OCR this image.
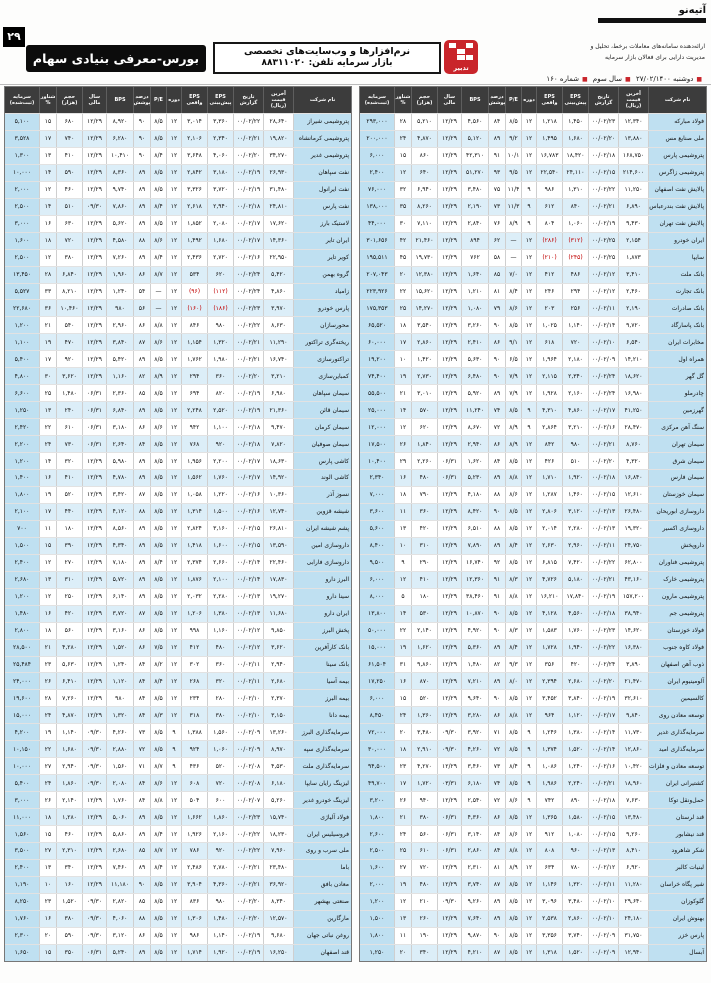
۲۹
آتیه‌نو
بورس-معرفی بنیادی سهام	نرم‌افزارها و وب‌سایت‌های تخصصی
بازار سرمایه تلفن: ۸۸۳۱۱۰۲۰	تدبیر
ارائه‌دهنده سامانه‌های معاملات برخط، تحلیل و
مدیریت دارایی برای فعالان بازار سرمایه
■دوشنبه ۲۷/۰۲/۱۴۰۰ ■سال سوم ■شماره ۱۶۰
نام شرکت
آخرین قیمت (ریال)
تاریخ گزارش
EPS پیش‌بینی
EPS واقعی
دوره
P/E
درصد پوشش
BPS
سال مالی
حجم (هزار)
شناور %
سرمایه (ثبت‌شده)
فولاد مبارکه
۱۲,۳۴۰
۰۰/۰۲/۲۳
۱,۴۵۰
۱,۲۱۸
۱۲
۸/۵
۸۴
۴,۵۶۰
۱۲/۲۹
۵,۲۱۰
۲۸
۲۹۳,۰۰۰
ملی صنایع مس
۱۳,۸۸۰
۰۰/۰۲/۲۰
۱,۶۸۰
۱,۴۹۵
۱۲
۹/۲
۸۹
۵,۱۲۰
۱۲/۲۹
۴,۸۷۰
۲۴
۲۰۰,۰۰۰
پتروشیمی پارس
۱۶۸,۷۵۰
۰۰/۰۲/۱۸
۱۸,۴۲۰
۱۶,۷۸۳
۱۲
۱۰/۱
۹۱
۴۲,۳۱۰
۱۲/۲۹
۸۶۰
۱۵
۶,۰۰۰
پتروشیمی زاگرس
۲۱۴,۶۰۰
۰۰/۰۲/۱۵
۲۴,۱۱۰
۲۲,۵۴۰
۱۲
۹/۵
۹۳
۵۱,۲۷۰
۱۲/۲۹
۶۴۰
۱۲
۲,۴۰۰
پالایش نفت اصفهان
۱۱,۲۵۰
۰۰/۰۲/۲۲
۱,۳۱۰
۹۸۶
۹
۱۱/۴
۷۵
۳,۴۸۰
۱۲/۲۹
۶,۹۴۰
۳۲
۷۶,۰۰۰
پالایش نفت بندرعباس
۶,۸۹۰
۰۰/۰۲/۲۱
۸۴۰
۶۱۲
۹
۱۱/۳
۷۳
۲,۱۹۰
۱۲/۲۹
۸,۲۶۰
۳۵
۱۳۸,۰۰۰
پالایش نفت تهران
۹,۴۳۰
۰۰/۰۲/۱۹
۱,۰۶۰
۸۰۴
۹
۸/۹
۷۶
۲,۸۴۰
۱۲/۲۹
۷,۱۱۰
۳۰
۴۴,۰۰۰
ایران خودرو
۲,۱۵۴
۰۰/۰۲/۲۵
(۳۱۲)
(۲۸۶)
۱۲
—
۶۲
۸۹۴
۱۲/۲۹
۲۱,۴۶۰
۴۲
۳۰۱,۶۵۶
سایپا
۱,۸۷۳
۰۰/۰۲/۲۵
(۲۴۵)
(۲۱۰)
۱۲
—
۵۸
۷۶۲
۱۲/۲۹
۱۹,۷۳۰
۴۵
۱۹۵,۵۱۱
بانک ملت
۳,۴۱۰
۰۰/۰۲/۱۲
۴۸۶
۴۱۲
۱۲
۷/۰
۸۵
۱,۶۴۰
۱۲/۲۹
۱۲,۳۸۰
۲۰
۲۰۷,۰۴۳
بانک تجارت
۲,۴۶۰
۰۰/۰۲/۱۲
۲۹۴
۲۴۶
۱۲
۸/۴
۸۱
۱,۲۱۰
۱۲/۲۹
۱۵,۶۲۰
۲۲
۲۲۳,۹۲۶
بانک صادرات
۲,۱۹۰
۰۰/۰۲/۱۱
۲۵۶
۲۰۳
۱۲
۸/۶
۷۹
۱,۰۸۰
۱۲/۲۹
۱۴,۲۷۰
۲۵
۱۷۵,۳۵۳
بانک پاسارگاد
۹,۷۲۰
۰۰/۰۲/۱۴
۱,۱۴۰
۱,۰۲۵
۱۲
۸/۵
۹۰
۳,۲۶۰
۱۲/۲۹
۳,۵۴۰
۱۸
۶۵,۵۲۰
مخابرات ایران
۶,۵۴۰
۰۰/۰۲/۱۰
۷۲۰
۶۱۸
۱۲
۹/۱
۸۶
۲,۴۱۰
۱۲/۲۹
۲,۸۶۰
۱۷
۶۰,۰۰۰
همراه اول
۱۴,۲۱۰
۰۰/۰۲/۰۹
۲,۱۸۰
۱,۹۶۴
۱۲
۶/۵
۹۰
۵,۶۳۰
۱۲/۲۹
۱,۴۲۰
۱۰
۱۹,۲۰۰
گل گهر
۱۸,۶۲۰
۰۰/۰۲/۲۴
۲,۳۴۰
۲,۱۱۵
۱۲
۷/۹
۹۰
۶,۴۸۰
۱۲/۲۹
۲,۷۳۰
۱۹
۷۴,۴۰۰
چادرملو
۱۶,۹۸۰
۰۰/۰۲/۲۴
۲,۱۶۰
۱,۹۲۸
۱۲
۷/۹
۸۹
۵,۹۲۰
۱۲/۲۹
۳,۰۱۰
۲۱
۵۵,۵۰۰
گهرزمین
۴۱,۲۵۰
۰۰/۰۲/۱۷
۴,۸۶۰
۴,۳۱۰
۹
۸/۵
۷۴
۱۱,۲۴۰
۱۲/۲۹
۵۷۰
۱۴
۲۵,۰۰۰
سنگ آهن مرکزی
۲۸,۴۷۰
۰۰/۰۲/۱۶
۳,۲۱۰
۲,۸۶۴
۹
۸/۹
۷۲
۸,۶۷۰
۱۲/۲۹
۶۲۰
۱۲
۱۲,۰۰۰
سیمان تهران
۸,۷۶۰
۰۰/۰۲/۲۱
۹۸۰
۸۴۲
۱۲
۸/۹
۸۶
۲,۹۴۰
۱۲/۲۹
۱,۸۴۰
۲۶
۱۷,۵۰۰
سیمان شرق
۴,۳۲۰
۰۰/۰۲/۲۰
۵۱۰
۴۲۶
۱۲
۸/۵
۸۴
۱,۶۲۰
۰۶/۳۱
۲,۲۶۰
۲۹
۱۰,۴۰۰
سیمان فارس
۱۶,۸۴۰
۰۰/۰۲/۱۸
۱,۹۲۰
۱,۷۱۰
۱۲
۸/۸
۸۹
۵,۲۳۰
۰۶/۳۱
۴۸۰
۱۶
۲,۳۴۰
سیمان خوزستان
۱۲,۶۱۰
۰۰/۰۲/۱۵
۱,۴۶۰
۱,۲۸۷
۱۲
۸/۶
۸۸
۴,۱۸۰
۱۲/۲۹
۷۹۰
۱۸
۷,۰۰۰
داروسازی ابوریحان
۲۶,۴۸۰
۰۰/۰۲/۱۳
۳,۱۲۰
۲,۸۰۶
۱۲
۸/۵
۹۰
۸,۴۲۰
۱۲/۲۹
۳۶۰
۱۱
۳,۶۰۰
داروسازی اکسیر
۱۹,۳۲۰
۰۰/۰۲/۱۳
۲,۲۸۰
۲,۰۱۴
۱۲
۸/۵
۸۸
۶,۵۱۰
۱۲/۲۹
۴۲۰
۱۳
۵,۶۰۰
داروپخش
۲۴,۷۵۰
۰۰/۰۲/۱۱
۲,۹۶۰
۲,۶۳۰
۱۲
۸/۴
۸۹
۷,۸۹۰
۱۲/۲۹
۳۱۰
۱۰
۸,۴۰۰
پتروشیمی فناوران
۶۲,۸۰۰
۰۰/۰۲/۲۲
۷,۴۲۰
۶,۸۱۵
۱۲
۸/۵
۹۲
۱۶,۷۴۰
۱۲/۲۹
۲۹۰
۹
۹,۵۰۰
پتروشیمی خارک
۴۳,۱۶۰
۰۰/۰۲/۲۱
۵,۱۸۰
۴,۷۲۶
۱۲
۸/۳
۹۱
۱۲,۳۶۰
۱۲/۲۹
۴۱۰
۱۲
۶,۰۰۰
پتروشیمی مارون
۱۵۷,۲۰۰
۰۰/۰۲/۱۹
۱۷,۸۴۰
۱۶,۲۱۰
۱۲
۸/۸
۹۱
۳۸,۴۶۰
۱۲/۲۹
۱۸۰
۵
۸,۰۰۰
پتروشیمی جم
۳۸,۹۴۰
۰۰/۰۲/۱۸
۴,۵۶۰
۴,۱۲۸
۱۲
۸/۵
۹۰
۱۰,۸۷۰
۱۲/۲۹
۵۳۰
۱۴
۱۳,۸۰۰
فولاد خوزستان
۱۴,۶۲۰
۰۰/۰۲/۲۳
۱,۷۶۰
۱,۵۸۳
۱۲
۸/۳
۹۰
۴,۹۲۰
۱۲/۲۹
۲,۱۴۰
۲۲
۵۰,۰۰۰
فولاد کاوه جنوب
۱۶,۳۸۰
۰۰/۰۲/۲۲
۱,۹۴۰
۱,۷۲۸
۱۲
۸/۴
۸۹
۵,۳۶۰
۱۲/۲۹
۱,۶۲۰
۱۹
۱۵,۰۰۰
ذوب آهن اصفهان
۳,۸۹۰
۰۰/۰۲/۲۴
۴۲۰
۳۵۶
۱۲
۹/۳
۸۲
۱,۴۸۰
۱۲/۲۹
۹,۸۶۰
۳۱
۶۱,۵۰۴
آلومینیوم ایران
۲۱,۴۷۰
۰۰/۰۲/۲۰
۲,۶۸۰
۲,۳۹۴
۱۲
۸/۰
۸۹
۷,۲۱۰
۱۲/۲۹
۸۷۰
۱۶
۱۷,۲۵۰
کالسیمین
۳۲,۶۱۰
۰۰/۰۲/۱۹
۳,۸۴۰
۳,۴۵۲
۱۲
۸/۵
۹۰
۹,۶۴۰
۱۲/۲۹
۵۲۰
۱۵
۶,۰۰۰
توسعه معادن روی
۹,۸۴۰
۰۰/۰۲/۱۷
۱,۱۲۰
۹۶۴
۱۲
۸/۸
۸۶
۳,۲۸۰
۱۲/۲۹
۱,۳۶۰
۲۴
۸,۴۵۰
سرمایه‌گذاری غدیر
۱۱,۷۳۰
۰۰/۰۲/۱۴
۱,۳۸۰
۱,۲۴۶
۹
۸/۵
۷۱
۳,۹۲۰
۰۹/۳۰
۳,۴۸۰
۲۰
۷۲,۰۰۰
سرمایه‌گذاری امید
۱۲,۸۶۰
۰۰/۰۲/۱۴
۱,۵۲۰
۱,۳۷۴
۹
۸/۵
۷۲
۴,۲۶۰
۰۹/۳۰
۲,۹۱۰
۱۸
۳۰,۰۰۰
توسعه معادن و فلزات
۱۰,۴۲۰
۰۰/۰۲/۱۶
۱,۲۴۰
۱,۰۸۶
۹
۸/۴
۷۳
۳,۴۶۰
۱۲/۲۹
۴,۲۷۰
۲۳
۹۴,۵۰۰
کشتیرانی ایران
۱۸,۹۶۰
۰۰/۰۲/۲۱
۲,۲۴۰
۱,۹۸۶
۹
۸/۵
۷۴
۶,۱۸۰
۰۳/۳۱
۱,۷۲۰
۱۷
۴۹,۷۰۰
حمل‌ونقل توکا
۷,۶۳۰
۰۰/۰۲/۱۸
۸۹۰
۷۴۲
۹
۸/۶
۷۲
۲,۵۴۰
۱۲/۲۹
۹۴۰
۲۶
۳,۲۰۰
قند لرستان
۱۳,۴۸۰
۰۰/۰۲/۱۵
۱,۵۸۰
۱,۳۶۵
۱۲
۸/۵
۸۶
۴,۳۶۰
۰۶/۳۱
۳۸۰
۲۱
۱,۸۰۰
قند نیشابور
۹,۲۶۰
۰۰/۰۲/۱۵
۱,۰۸۰
۹۱۲
۱۲
۸/۶
۸۴
۳,۱۴۰
۰۶/۳۱
۵۶۰
۲۴
۲,۶۰۰
شکر شاهرود
۸,۴۱۰
۰۰/۰۲/۱۳
۹۶۰
۸۰۸
۱۲
۸/۸
۸۴
۲,۸۶۰
۰۶/۳۱
۶۱۰
۲۵
۲,۵۰۰
لبنیات کالبر
۶,۹۲۰
۰۰/۰۲/۱۲
۷۸۰
۶۳۴
۱۲
۸/۹
۸۱
۲,۳۱۰
۱۲/۲۹
۷۲۰
۲۷
۱,۶۰۰
شیر پگاه خراسان
۱۱,۲۸۰
۰۰/۰۲/۱۱
۱,۳۲۰
۱,۱۴۶
۱۲
۸/۵
۸۷
۳,۷۴۰
۱۲/۲۹
۴۸۰
۱۹
۲,۰۰۰
گلوکوزان
۲۹,۶۴۰
۰۰/۰۲/۱۰
۳,۴۸۰
۳,۰۹۶
۱۲
۸/۵
۸۹
۹,۲۶۰
۰۹/۳۰
۲۱۰
۱۲
۱,۲۰۰
بهنوش ایران
۲۴,۱۸۰
۰۰/۰۲/۱۰
۲,۸۶۰
۲,۵۳۸
۱۲
۸/۵
۸۹
۷,۶۴۰
۱۲/۲۹
۲۶۰
۱۳
۱,۵۰۰
پارس خزر
۳۱,۷۵۰
۰۰/۰۲/۰۹
۳,۷۴۰
۳,۳۵۶
۱۲
۸/۵
۹۰
۹,۸۷۰
۱۲/۲۹
۱۹۰
۱۱
۱,۸۰۰
آبسال
۱۲,۹۴۰
۰۰/۰۲/۰۹
۱,۵۲۰
۱,۳۱۸
۱۲
۸/۵
۸۷
۴,۲۱۰
۱۲/۲۹
۳۴۰
۲۰
۱,۲۵۰
نام شرکت
آخرین قیمت (ریال)
تاریخ گزارش
EPS پیش‌بینی
EPS واقعی
دوره
P/E
درصد پوشش
BPS
سال مالی
حجم (هزار)
شناور %
سرمایه (ثبت‌شده)
پتروشیمی شیراز
۲۸,۶۴۰
۰۰/۰۲/۲۲
۳,۳۶۰
۳,۰۱۴
۱۲
۸/۵
۹۰
۸,۹۲۰
۱۲/۲۹
۶۸۰
۱۵
۵,۱۰۰
پتروشیمی کرمانشاه
۱۹,۸۲۰
۰۰/۰۲/۲۱
۲,۳۴۰
۲,۱۰۶
۱۲
۸/۵
۹۰
۶,۲۸۰
۱۲/۲۹
۷۴۰
۱۷
۳,۵۲۸
پتروشیمی غدیر
۳۴,۲۷۰
۰۰/۰۲/۲۰
۴,۰۶۰
۳,۶۴۸
۱۲
۸/۴
۹۰
۱۰,۴۱۰
۱۲/۲۹
۴۱۰
۱۳
۱,۳۰۰
نفت سپاهان
۲۶,۹۳۰
۰۰/۰۲/۱۹
۳,۱۸۰
۲,۸۴۲
۱۲
۸/۵
۸۹
۸,۳۶۰
۱۲/۲۹
۵۹۰
۱۴
۱۰,۰۰۰
نفت ایرانول
۳۱,۴۸۰
۰۰/۰۲/۱۹
۳,۷۲۰
۳,۳۲۶
۱۲
۸/۵
۸۹
۹,۷۴۰
۱۲/۲۹
۴۶۰
۱۲
۲,۰۰۰
نفت پارس
۲۴,۸۱۰
۰۰/۰۲/۱۸
۲,۹۴۰
۲,۶۱۸
۱۲
۸/۴
۸۹
۷,۸۶۰
۰۹/۳۰
۵۱۰
۱۴
۲,۵۰۰
لاستیک بارز
۱۷,۶۲۰
۰۰/۰۲/۱۷
۲,۰۸۰
۱,۸۵۲
۱۲
۸/۵
۸۹
۵,۶۲۰
۱۲/۲۹
۶۳۰
۱۶
۳,۰۰۰
ایران تایر
۱۴,۳۶۰
۰۰/۰۲/۱۷
۱,۶۸۰
۱,۴۹۲
۱۲
۸/۶
۸۸
۴,۵۸۰
۱۲/۲۹
۷۲۰
۱۸
۱,۶۰۰
کویر تایر
۲۲,۹۵۰
۰۰/۰۲/۱۶
۲,۷۲۰
۲,۴۳۶
۱۲
۸/۴
۸۹
۷,۲۶۰
۱۲/۲۹
۳۸۰
۱۲
۲,۵۰۰
گروه بهمن
۵,۴۲۰
۰۰/۰۲/۲۴
۶۲۰
۵۳۴
۱۲
۸/۷
۸۶
۱,۹۶۰
۱۲/۲۹
۶,۸۴۰
۲۸
۱۳,۴۵۰
زامیاد
۴,۸۶۰
۰۰/۰۲/۲۴
(۱۱۲)
(۹۶)
۱۲
—
۵۴
۱,۲۴۰
۱۲/۲۹
۸,۲۱۰
۳۳
۵,۵۲۷
پارس خودرو
۳,۹۷۰
۰۰/۰۲/۲۳
(۱۸۶)
(۱۶۰)
۱۲
—
۵۶
۹۸۰
۱۲/۲۹
۱۰,۴۶۰
۳۶
۲۲,۶۸۰
محورسازان
۸,۶۳۰
۰۰/۰۲/۲۲
۹۸۰
۸۴۶
۱۲
۸/۸
۸۶
۲,۹۶۰
۱۲/۲۹
۵۴۰
۲۱
۱,۲۰۰
ریخته‌گری تراکتور
۱۱,۲۹۰
۰۰/۰۲/۲۱
۱,۳۲۰
۱,۱۵۴
۱۲
۸/۶
۸۷
۳,۸۴۰
۱۲/۲۹
۴۷۰
۱۹
۱,۱۰۰
تراکتورسازی
۱۶,۷۴۰
۰۰/۰۲/۲۱
۱,۹۸۰
۱,۷۶۲
۱۲
۸/۵
۸۹
۵,۴۲۰
۱۲/۲۹
۹۲۰
۱۷
۵,۴۰۰
کمباین‌سازی
۳,۲۱۰
۰۰/۰۲/۲۰
۳۶۰
۲۹۴
۱۲
۸/۹
۸۲
۱,۱۶۰
۱۲/۲۹
۳,۶۲۰
۳۰
۴,۸۰۰
سیمان سپاهان
۶,۹۸۰
۰۰/۰۲/۱۹
۸۲۰
۶۹۴
۱۲
۸/۵
۸۵
۲,۳۶۰
۰۶/۳۱
۱,۴۸۰
۲۵
۶,۶۰۰
سیمان قائن
۲۱,۳۶۰
۰۰/۰۲/۱۹
۲,۵۲۰
۲,۲۴۸
۱۲
۸/۵
۸۹
۶,۸۴۰
۰۶/۳۱
۲۴۰
۱۳
۱,۲۵۰
سیمان کرمان
۹,۴۷۰
۰۰/۰۲/۱۸
۱,۱۰۰
۹۴۲
۱۲
۸/۶
۸۶
۳,۱۸۰
۰۶/۳۱
۶۱۰
۲۲
۲,۴۲۰
سیمان صوفیان
۷,۸۲۰
۰۰/۰۲/۱۸
۹۲۰
۷۶۸
۱۲
۸/۵
۸۴
۲,۶۴۰
۰۶/۳۱
۷۳۰
۲۴
۲,۲۰۰
کاشی پارس
۱۸,۶۳۰
۰۰/۰۲/۱۷
۲,۲۰۰
۱,۹۵۶
۱۲
۸/۵
۸۹
۵,۹۸۰
۱۲/۲۹
۳۲۰
۱۴
۱,۲۰۰
کاشی الوند
۱۴,۹۲۰
۰۰/۰۲/۱۷
۱,۷۶۰
۱,۵۶۲
۱۲
۸/۵
۸۹
۴,۷۸۰
۱۲/۲۹
۴۱۰
۱۶
۱,۴۰۰
نسوز آذر
۱۰,۳۶۰
۰۰/۰۲/۱۶
۱,۲۲۰
۱,۰۵۸
۱۲
۸/۵
۸۷
۳,۴۲۰
۱۲/۲۹
۵۲۰
۱۹
۱,۸۰۰
شیشه قزوین
۱۲,۷۴۰
۰۰/۰۲/۱۶
۱,۵۰۰
۱,۳۱۴
۱۲
۸/۵
۸۸
۴,۱۲۰
۱۲/۲۹
۴۴۰
۱۷
۲,۱۰۰
پشم شیشه ایران
۲۶,۸۱۰
۰۰/۰۲/۱۵
۳,۱۶۰
۲,۸۲۴
۱۲
۸/۵
۸۹
۸,۵۶۰
۱۲/۲۹
۱۸۰
۱۱
۷۰۰
داروسازی امین
۱۳,۵۹۰
۰۰/۰۲/۱۵
۱,۶۰۰
۱,۴۱۸
۱۲
۸/۵
۸۹
۴,۳۴۰
۱۲/۲۹
۳۹۰
۱۵
۱,۵۰۰
داروسازی فارابی
۲۲,۴۶۰
۰۰/۰۲/۱۴
۲,۶۶۰
۲,۳۷۴
۱۲
۸/۴
۸۹
۷,۱۸۰
۱۲/۲۹
۲۷۰
۱۲
۲,۴۰۰
البرز دارو
۱۷,۸۳۰
۰۰/۰۲/۱۴
۲,۱۰۰
۱,۸۷۶
۱۲
۸/۵
۸۹
۵,۷۲۰
۱۲/۲۹
۳۱۰
۱۳
۲,۶۸۰
سینا دارو
۱۹,۲۷۰
۰۰/۰۲/۱۳
۲,۲۸۰
۲,۰۳۲
۱۲
۸/۵
۸۹
۶,۱۴۰
۱۲/۲۹
۲۵۰
۱۲
۱,۲۰۰
ایران دارو
۱۱,۶۸۰
۰۰/۰۲/۱۳
۱,۳۸۰
۱,۲۰۶
۱۲
۸/۵
۸۷
۳,۷۲۰
۱۲/۲۹
۴۲۰
۱۶
۱,۴۸۰
پخش البرز
۹,۸۵۰
۰۰/۰۲/۱۲
۱,۱۶۰
۹۹۸
۱۲
۸/۵
۸۶
۳,۱۶۰
۱۲/۲۹
۵۶۰
۱۸
۲,۸۰۰
بانک کارآفرین
۳,۶۲۰
۰۰/۰۲/۱۲
۴۸۰
۴۱۲
۱۲
۷/۵
۸۶
۱,۵۲۰
۱۲/۲۹
۴,۲۸۰
۲۱
۲۸,۵۰۰
بانک سینا
۲,۹۴۰
۰۰/۰۲/۱۱
۳۶۰
۳۰۲
۱۲
۸/۲
۸۴
۱,۲۴۰
۱۲/۲۹
۵,۶۳۰
۲۳
۲۵,۴۸۴
بیمه آسیا
۲,۶۸۰
۰۰/۰۲/۱۱
۳۲۰
۲۶۸
۱۲
۸/۴
۸۴
۱,۱۲۰
۱۲/۲۹
۶,۴۱۰
۲۶
۲۴,۰۰۰
بیمه البرز
۲,۳۷۰
۰۰/۰۲/۱۰
۲۸۰
۲۳۴
۱۲
۸/۵
۸۴
۹۸۰
۱۲/۲۹
۷,۲۶۰
۲۸
۱۹,۶۰۰
بیمه دانا
۳,۱۵۰
۰۰/۰۲/۱۰
۳۸۰
۳۱۸
۱۲
۸/۳
۸۴
۱,۳۲۰
۱۲/۲۹
۴,۸۷۰
۲۴
۱۵,۰۰۰
سرمایه‌گذاری البرز
۱۳,۲۶۰
۰۰/۰۲/۰۹
۱,۵۶۰
۱,۳۸۸
۹
۸/۵
۷۳
۴,۲۶۰
۰۹/۳۰
۱,۱۴۰
۱۹
۴,۲۰۰
سرمایه‌گذاری سپه
۸,۹۷۰
۰۰/۰۲/۰۹
۱,۰۶۰
۹۲۴
۹
۸/۵
۷۲
۲,۸۸۰
۰۹/۳۰
۱,۶۸۰
۲۲
۱۰,۱۵۰
سرمایه‌گذاری ملت
۴,۵۳۰
۰۰/۰۲/۰۸
۵۲۰
۴۳۶
۹
۸/۷
۷۱
۱,۵۶۰
۰۹/۳۰
۲,۹۴۰
۲۷
۱۰,۰۰۰
لیزینگ رایان سایپا
۶,۱۸۰
۰۰/۰۲/۰۸
۷۲۰
۶۰۸
۱۲
۸/۶
۸۴
۲,۰۸۰
۰۹/۳۰
۱,۸۶۰
۲۴
۵,۴۰۰
لیزینگ خودرو غدیر
۵,۲۶۰
۰۰/۰۲/۰۷
۶۰۰
۵۰۴
۱۲
۸/۸
۸۴
۱,۷۶۰
۱۲/۲۹
۲,۱۴۰
۲۶
۳,۰۰۰
فولاد آلیاژی
۱۵,۷۴۰
۰۰/۰۲/۲۳
۱,۸۶۰
۱,۶۶۲
۱۲
۸/۵
۸۹
۵,۰۶۰
۱۲/۲۹
۱,۲۸۰
۱۸
۱۱,۰۰۰
فروسیلیس ایران
۱۸,۲۳۰
۰۰/۰۲/۲۲
۲,۱۶۰
۱,۹۲۶
۱۲
۸/۴
۸۹
۵,۸۶۰
۱۲/۲۹
۴۶۰
۱۵
۱,۵۶۰
ملی سرب و روی
۷,۹۶۰
۰۰/۰۲/۲۲
۹۲۰
۷۸۶
۱۲
۸/۷
۸۵
۲,۶۸۰
۱۲/۲۹
۲,۳۱۰
۲۷
۳,۵۰۰
باما
۲۳,۴۸۰
۰۰/۰۲/۲۱
۲,۷۸۰
۲,۴۸۶
۱۲
۸/۴
۸۹
۷,۴۶۰
۱۲/۲۹
۳۴۰
۱۳
۲,۴۰۰
معادن بافق
۳۶,۹۲۰
۰۰/۰۲/۲۱
۴,۳۶۰
۳,۹۰۴
۱۲
۸/۵
۹۰
۱۱,۱۸۰
۱۲/۲۹
۱۶۰
۱۰
۱,۱۹۰
صنعتی بهشهر
۸,۳۴۰
۰۰/۰۲/۲۰
۹۸۰
۸۳۶
۱۲
۸/۵
۸۵
۲,۸۲۰
۰۹/۳۰
۱,۵۲۰
۲۳
۸,۲۵۰
مارگارین
۱۲,۵۷۰
۰۰/۰۲/۲۰
۱,۴۸۰
۱,۳۰۶
۱۲
۸/۵
۸۸
۴,۰۶۰
۰۹/۳۰
۳۸۰
۱۶
۱,۷۶۰
روغن نباتی جهان
۹,۶۸۰
۰۰/۰۲/۱۹
۱,۱۴۰
۹۸۶
۱۲
۸/۵
۸۶
۳,۱۲۰
۰۹/۳۰
۵۹۰
۲۰
۲,۳۰۰
قند اصفهان
۱۶,۲۵۰
۰۰/۰۲/۱۹
۱,۹۲۰
۱,۷۱۴
۱۲
۸/۵
۸۹
۵,۲۴۰
۰۶/۳۱
۳۵۰
۱۵
۱,۶۵۰
